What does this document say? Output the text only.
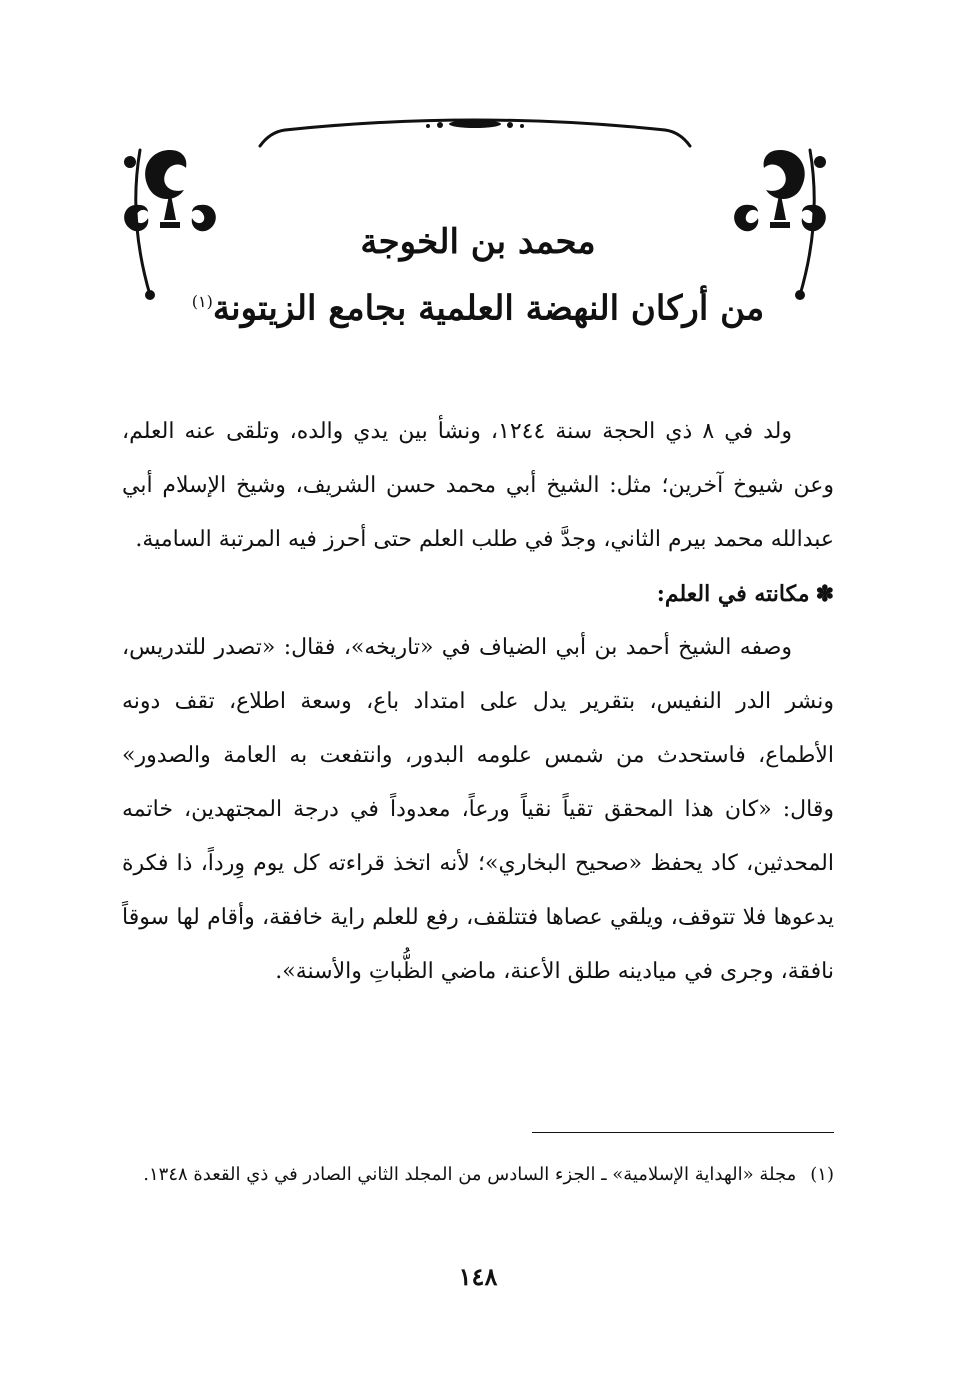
محمد بن الخوجة
من أركان النهضة العلمية بجامع الزيتونة$^{(١)}$

ولد في ٨ ذي الحجة سنة ١٢٤٤، ونشأ بين يدي والده، وتلقى عنه العلم، وعن شيوخ آخرين؛ مثل: الشيخ أبي محمد حسن الشريف، وشيخ الإسلام أبي عبدالله محمد بيرم الثاني، وجدَّ في طلب العلم حتى أحرز فيه المرتبة السامية.

✽مكانته في العلم:

وصفه الشيخ أحمد بن أبي الضياف في «تاريخه»، فقال: «تصدر للتدريس، ونشر الدر النفيس، بتقرير يدل على امتداد باع، وسعة اطلاع، تقف دونه الأطماع، فاستحدث من شمس علومه البدور، وانتفعت به العامة والصدور» وقال: «كان هذا المحقق تقياً نقياً ورعاً، معدوداً في درجة المجتهدين، خاتمه المحدثين، كاد يحفظ «صحيح البخاري»؛ لأنه اتخذ قراءته كل يوم وِرداً، ذا فكرة يدعوها فلا تتوقف، ويلقي عصاها فتتلقف، رفع للعلم راية خافقة، وأقام لها سوقاً نافقة، وجرى في ميادينه طلق الأعنة، ماضي الظُّباتِ والأسنة».

(١)مجلة «الهداية الإسلامية» ـ الجزء السادس من المجلد الثاني الصادر في ذي القعدة ١٣٤٨.
١٤٨
